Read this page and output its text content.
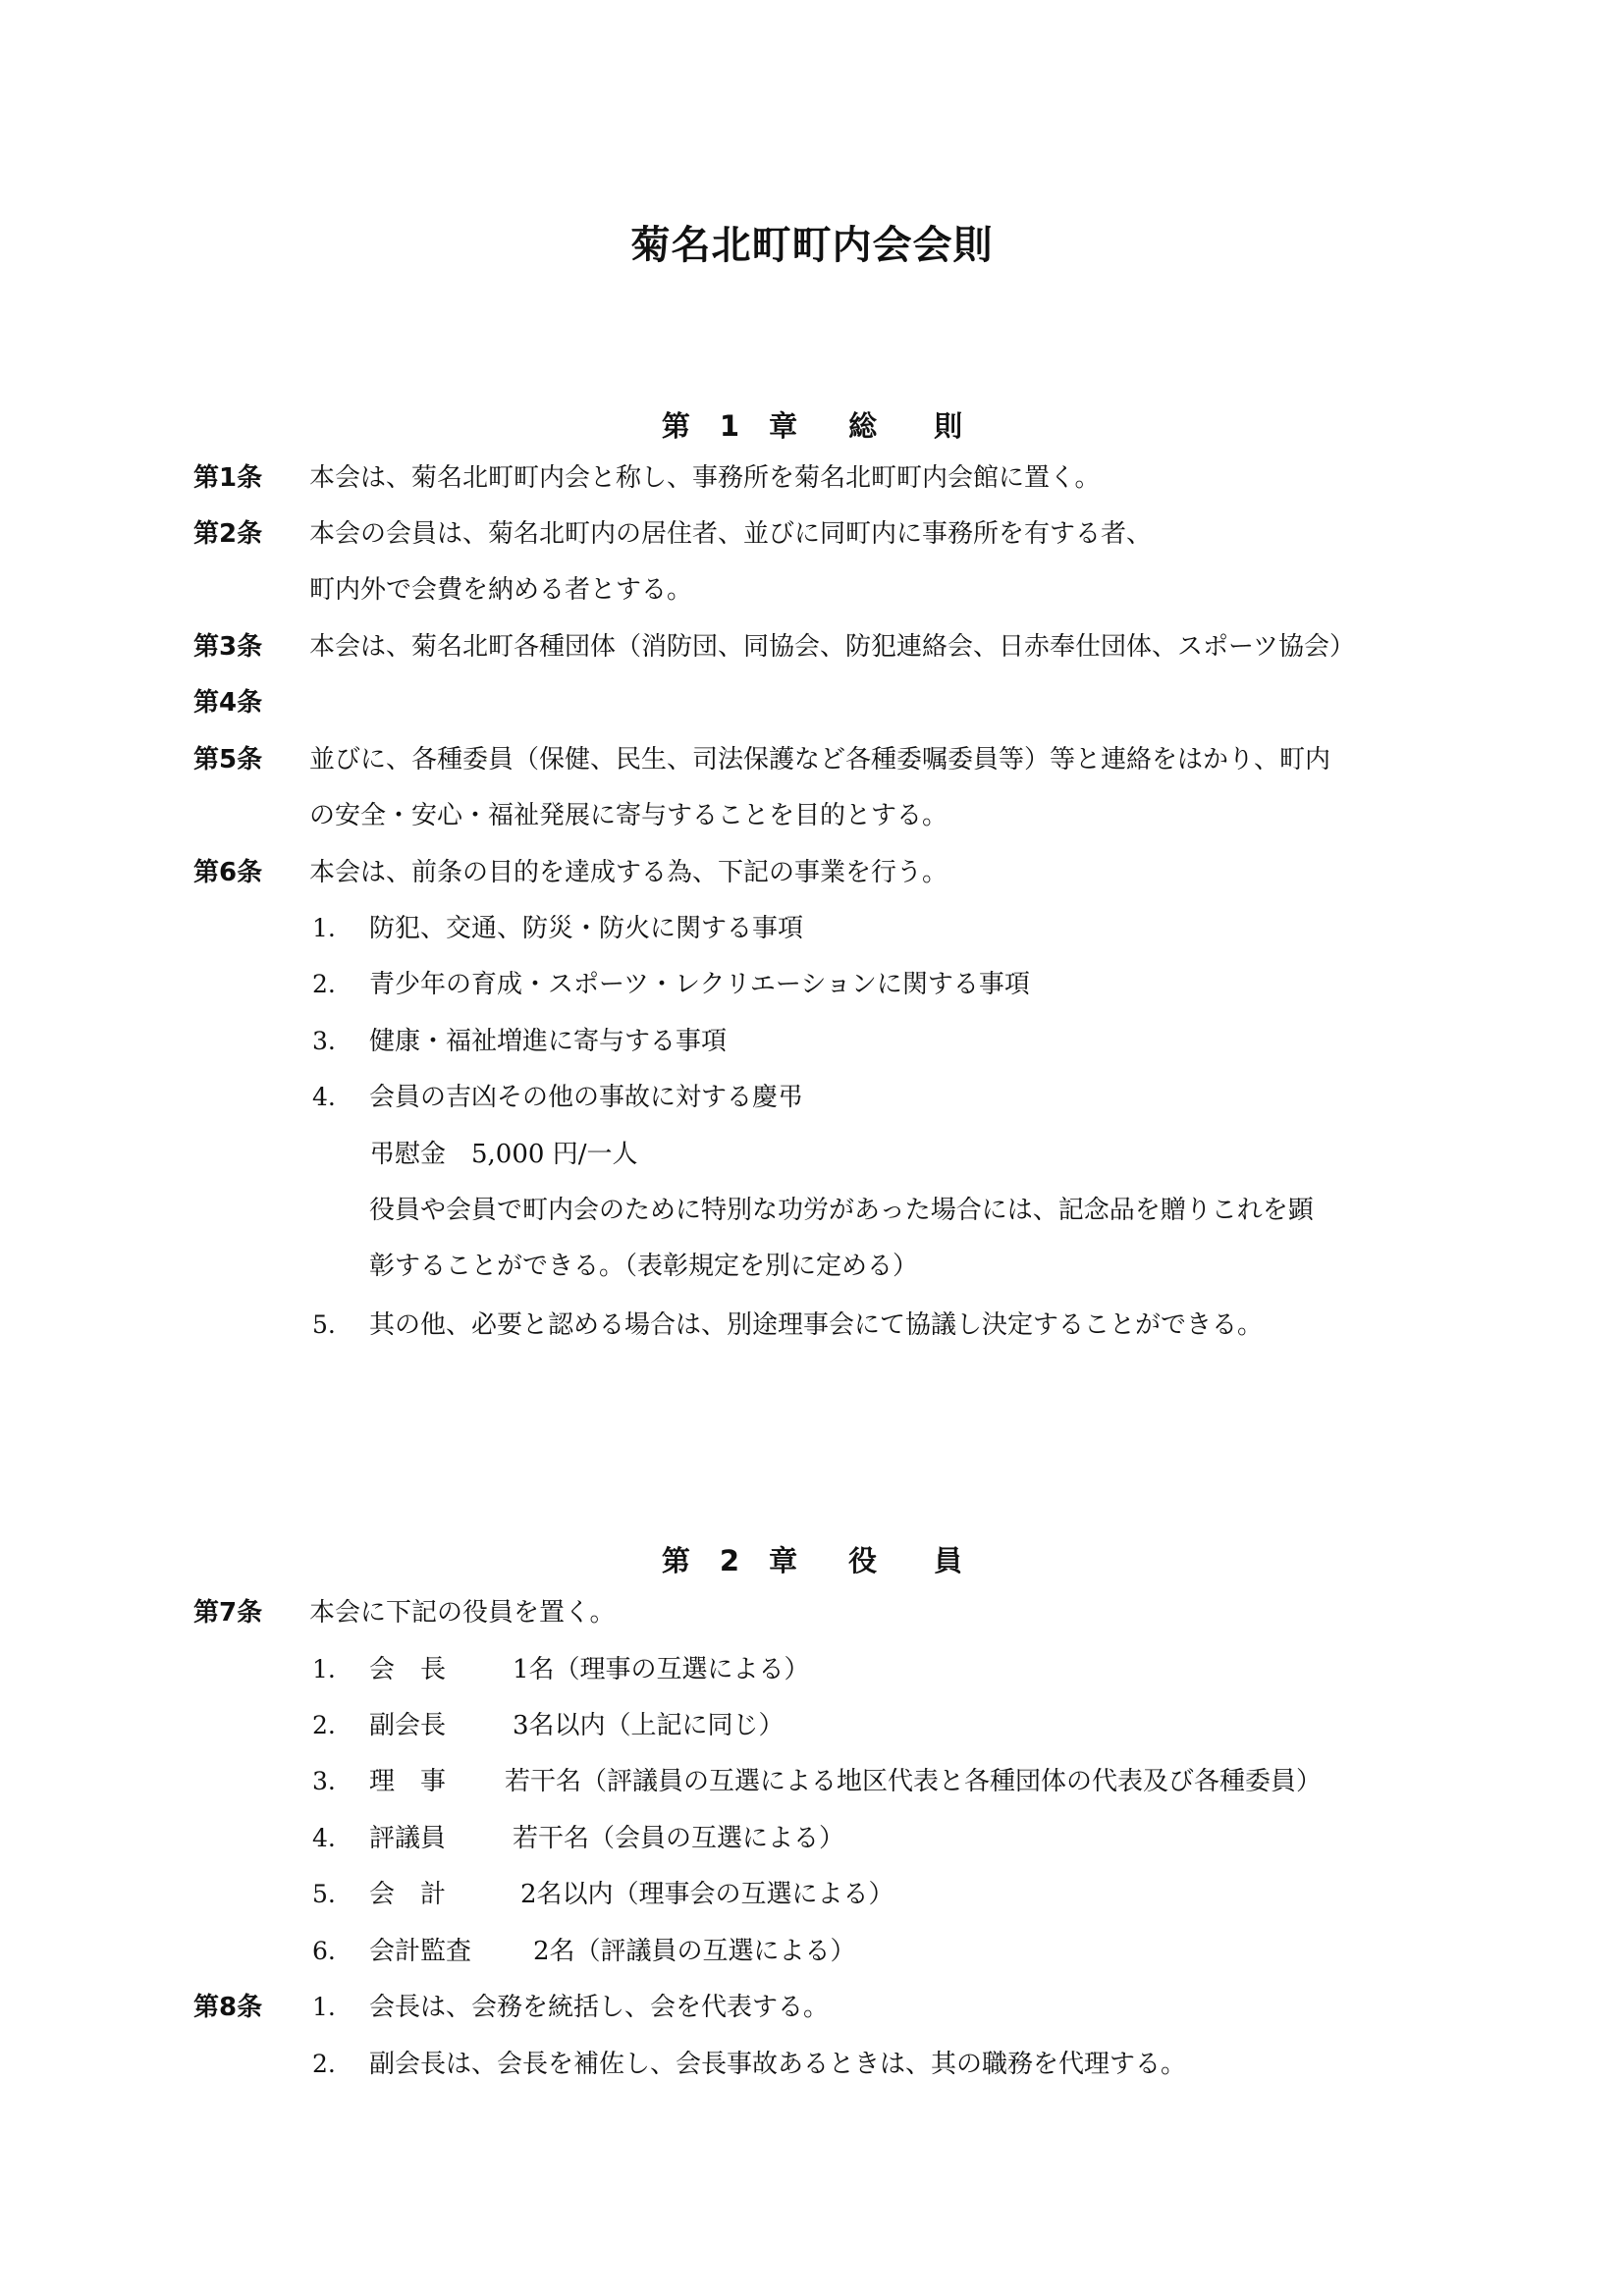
菊名北町町内会会則
第 1 章 総 則
第1条 本会は、菊名北町町内会と称し、事務所を菊名北町町内会館に置く。
第2条 本会の会員は、菊名北町内の居住者、並びに同町内に事務所を有する者、
町内外で会費を納める者とする。
第3条 本会は、菊名北町各種団体（消防団、同協会、防犯連絡会、日赤奉仕団体、スポーツ協会）
第4条
第5条 並びに、各種委員（保健、民生、司法保護など各種委嘱委員等）等と連絡をはかり、町内
の安全・安心・福祉発展に寄与することを目的とする。
第6条 本会は、前条の目的を達成する為、下記の事業を行う。
1. 防犯、交通、防災・防火に関する事項
2. 青少年の育成・スポーツ・レクリエーションに関する事項
3. 健康・福祉増進に寄与する事項
4. 会員の吉凶その他の事故に対する慶弔
弔慰金　5,000 円/一人
役員や会員で町内会のために特別な功労があった場合には、記念品を贈りこれを顕
彰することができる。（表彰規定を別に定める）
5. 其の他、必要と認める場合は、別途理事会にて協議し決定することができる。
第 2 章 役 員
第7条 本会に下記の役員を置く。
1. 会　長	1名（理事の互選による）
2. 副会長	3名以内（上記に同じ）
3. 理　事 若干名（評議員の互選による地区代表と各種団体の代表及び各種委員）
4. 評議員	若干名（会員の互選による）
5. 会　計	2名以内（理事会の互選による）
6. 会計監査 2名（評議員の互選による）
第8条 1. 会長は、会務を統括し、会を代表する。
2. 副会長は、会長を補佐し、会長事故あるときは、其の職務を代理する。
